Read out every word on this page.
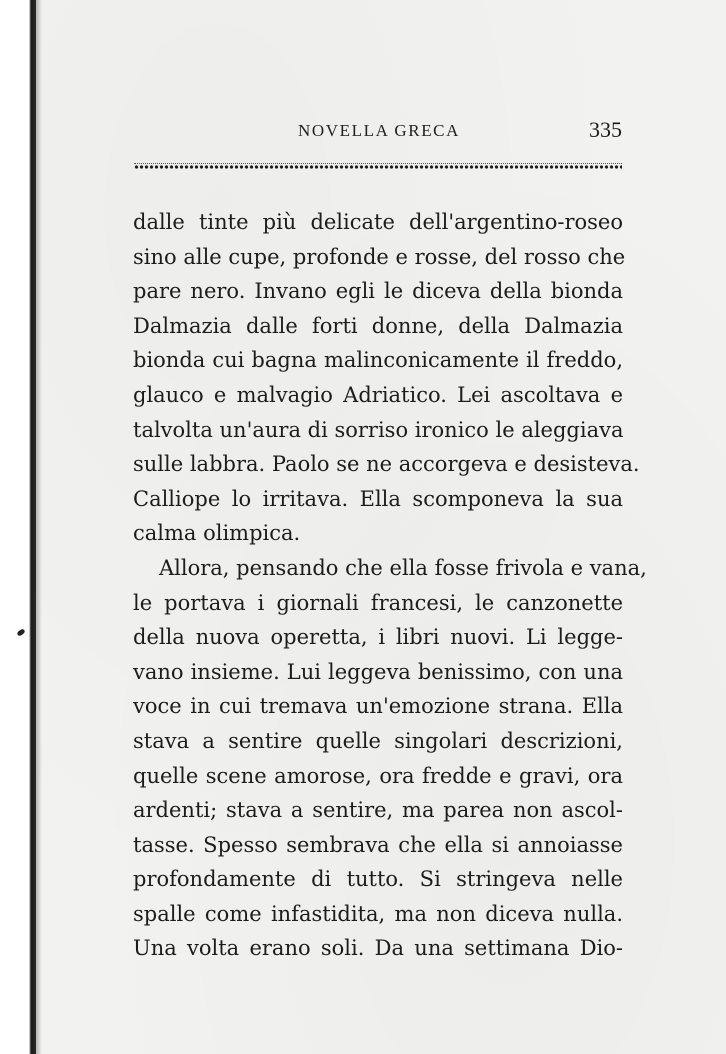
NOVELLA GRECA	335
dalle tinte più delicate dell'argentino-roseo
sino alle cupe, profonde e rosse, del rosso che
pare nero. Invano egli le diceva della bionda
Dalmazia dalle forti donne, della Dalmazia
bionda cui bagna malinconicamente il freddo,
glauco e malvagio Adriatico. Lei ascoltava e
talvolta un'aura di sorriso ironico le aleggiava
sulle labbra. Paolo se ne accorgeva e desisteva.
Calliope lo irritava. Ella scomponeva la sua
calma olimpica.
Allora, pensando che ella fosse frivola e vana,
le portava i giornali francesi, le canzonette
della nuova operetta, i libri nuovi. Li legge-
vano insieme. Lui leggeva benissimo, con una
voce in cui tremava un'emozione strana. Ella
stava a sentire quelle singolari descrizioni,
quelle scene amorose, ora fredde e gravi, ora
ardenti; stava a sentire, ma parea non ascol-
tasse. Spesso sembrava che ella si annoiasse
profondamente di tutto. Si stringeva nelle
spalle come infastidita, ma non diceva nulla.
Una volta erano soli. Da una settimana Dio-
